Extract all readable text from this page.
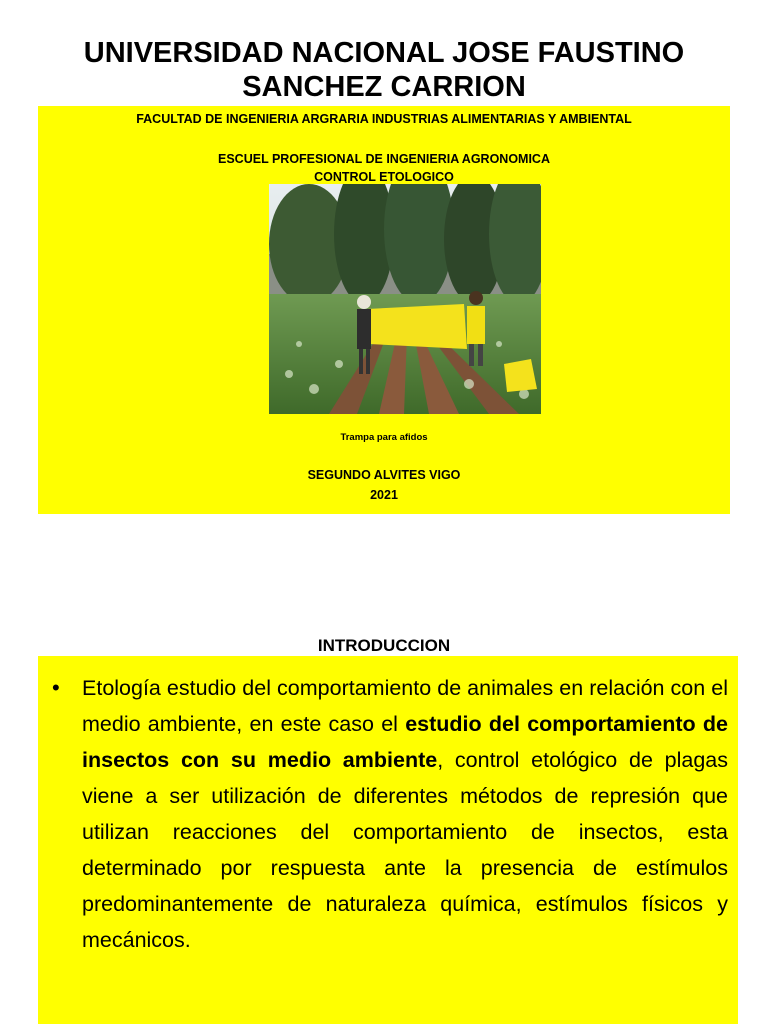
UNIVERSIDAD NACIONAL JOSE FAUSTINO
SANCHEZ CARRION
FACULTAD DE INGENIERIA ARGRARIA INDUSTRIAS ALIMENTARIAS Y AMBIENTAL
ESCUEL PROFESIONAL DE INGENIERIA AGRONOMICA
CONTROL ETOLOGICO
Trampa para afidos
SEGUNDO ALVITES VIGO
2021
INTRODUCCION
• Etología estudio del comportamiento de animales en relación con el medio ambiente, en este caso el estudio del comportamiento de insectos con su medio ambiente, control etológico de plagas viene a ser utilización de diferentes métodos de represión que utilizan reacciones del comportamiento de insectos, esta determinado por respuesta ante la presencia de estímulos predominantemente de naturaleza química, estímulos físicos y mecánicos.
